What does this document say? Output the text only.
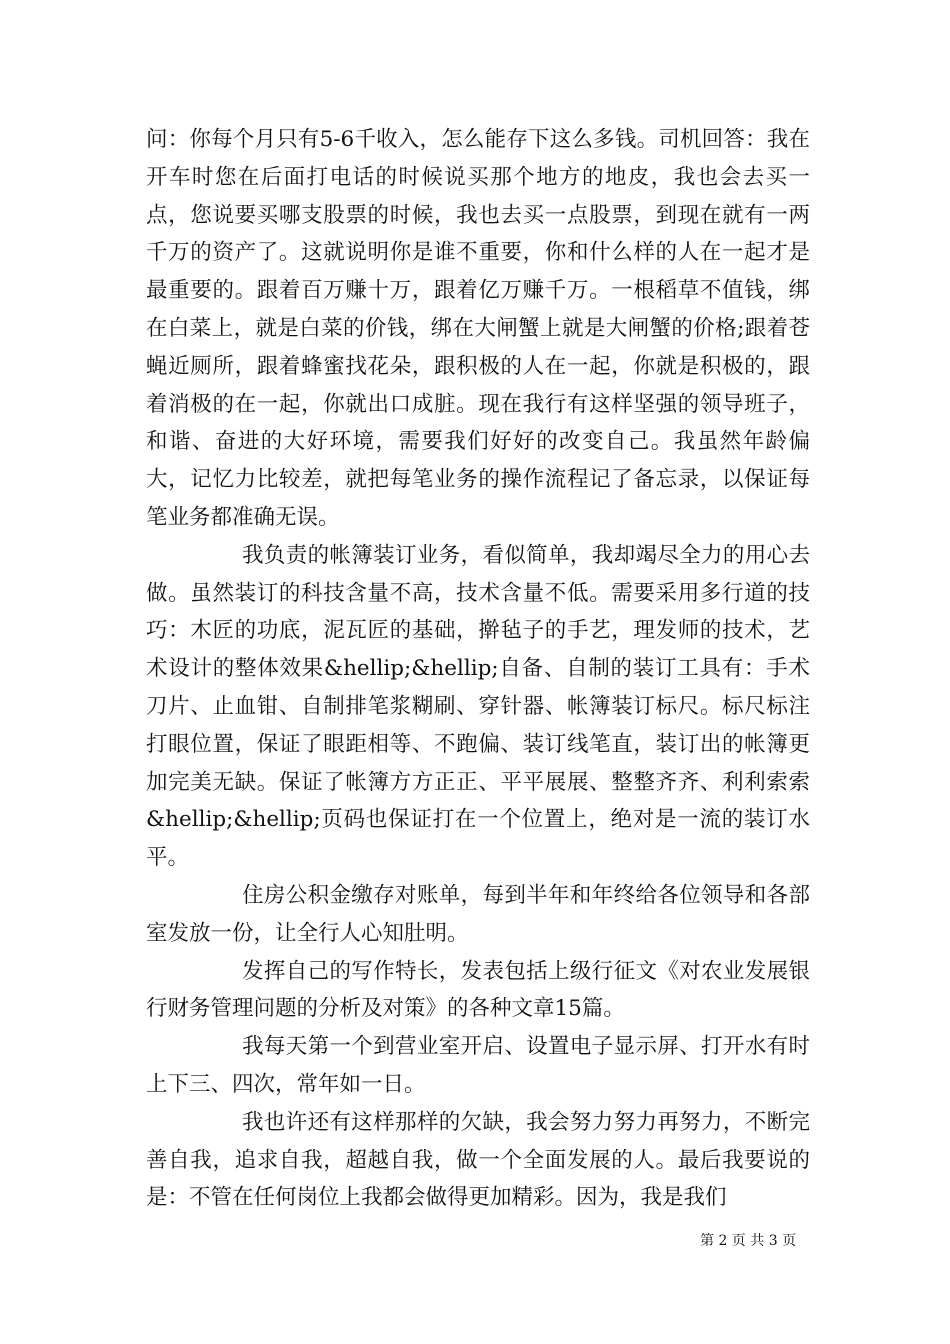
问：你每个月只有5-6千收入，怎么能存下这么多钱。司机回答：我在开车时您在后面打电话的时候说买那个地方的地皮，我也会去买一点，您说要买哪支股票的时候，我也去买一点股票，到现在就有一两千万的资产了。这就说明你是谁不重要，你和什么样的人在一起才是最重要的。跟着百万赚十万，跟着亿万赚千万。一根稻草不值钱，绑在白菜上，就是白菜的价钱，绑在大闸蟹上就是大闸蟹的价格;跟着苍蝇近厕所，跟着蜂蜜找花朵，跟积极的人在一起，你就是积极的，跟着消极的在一起，你就出口成脏。现在我行有这样坚强的领导班子，和谐、奋进的大好环境，需要我们好好的改变自己。我虽然年龄偏大，记忆力比较差，就把每笔业务的操作流程记了备忘录，以保证每笔业务都准确无误。

我负责的帐簿装订业务，看似简单，我却竭尽全力的用心去做。虽然装订的科技含量不高，技术含量不低。需要采用多行道的技巧：木匠的功底，泥瓦匠的基础，擀毡子的手艺，理发师的技术，艺术设计的整体效果&hellip;&hellip;自备、自制的装订工具有：手术刀片、止血钳、自制排笔浆糊刷、穿针器、帐簿装订标尺。标尺标注打眼位置，保证了眼距相等、不跑偏、装订线笔直，装订出的帐簿更加完美无缺。保证了帐簿方方正正、平平展展、整整齐齐、利利索索&hellip;&hellip;页码也保证打在一个位置上，绝对是一流的装订水平。

住房公积金缴存对账单，每到半年和年终给各位领导和各部室发放一份，让全行人心知肚明。

发挥自己的写作特长，发表包括上级行征文《对农业发展银行财务管理问题的分析及对策》的各种文章15篇。

我每天第一个到营业室开启、设置电子显示屏、打开水有时上下三、四次，常年如一日。

我也许还有这样那样的欠缺，我会努力努力再努力，不断完善自我，追求自我，超越自我，做一个全面发展的人。最后我要说的是：不管在任何岗位上我都会做得更加精彩。因为，我是我们

第 2 页 共 3 页
